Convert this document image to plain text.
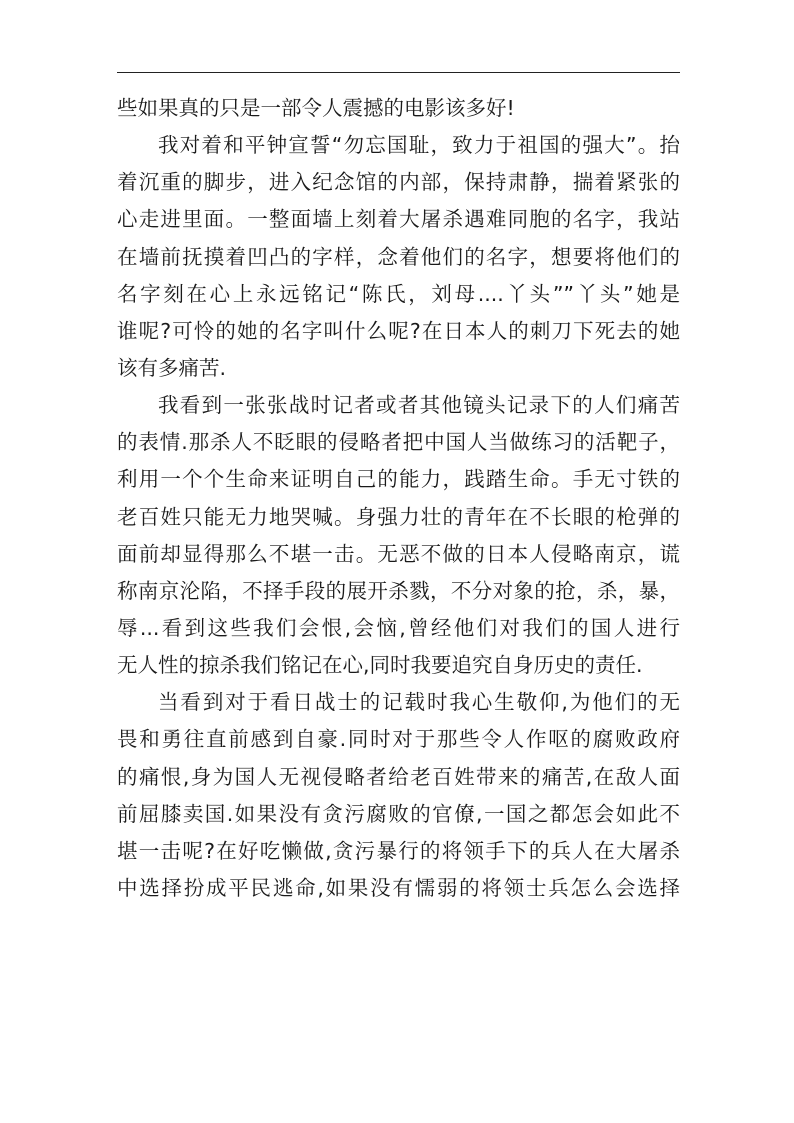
些如果真的只是一部令人震撼的电影该多好!
我对着和平钟宣誓“勿忘国耻，致力于祖国的强大”。抬
着沉重的脚步，进入纪念馆的内部，保持肃静，揣着紧张的
心走进里面。一整面墙上刻着大屠杀遇难同胞的名字，我站
在墙前抚摸着凹凸的字样，念着他们的名字，想要将他们的
名字刻在心上永远铭记“陈氏，刘母....丫头””丫头”她是
谁呢?可怜的她的名字叫什么呢?在日本人的刺刀下死去的她
该有多痛苦.
我看到一张张战时记者或者其他镜头记录下的人们痛苦
的表情.那杀人不眨眼的侵略者把中国人当做练习的活靶子，
利用一个个生命来证明自己的能力，践踏生命。手无寸铁的
老百姓只能无力地哭喊。身强力壮的青年在不长眼的枪弹的
面前却显得那么不堪一击。无恶不做的日本人侵略南京，谎
称南京沦陷，不择手段的展开杀戮，不分对象的抢，杀，暴，
辱...看到这些我们会恨,会恼,曾经他们对我们的国人进行
无人性的掠杀我们铭记在心,同时我要追究自身历史的责任.
当看到对于看日战士的记载时我心生敬仰,为他们的无
畏和勇往直前感到自豪.同时对于那些令人作呕的腐败政府
的痛恨,身为国人无视侵略者给老百姓带来的痛苦,在敌人面
前屈膝卖国.如果没有贪污腐败的官僚,一国之都怎会如此不
堪一击呢?在好吃懒做,贪污暴行的将领手下的兵人在大屠杀
中选择扮成平民逃命,如果没有懦弱的将领士兵怎么会选择
